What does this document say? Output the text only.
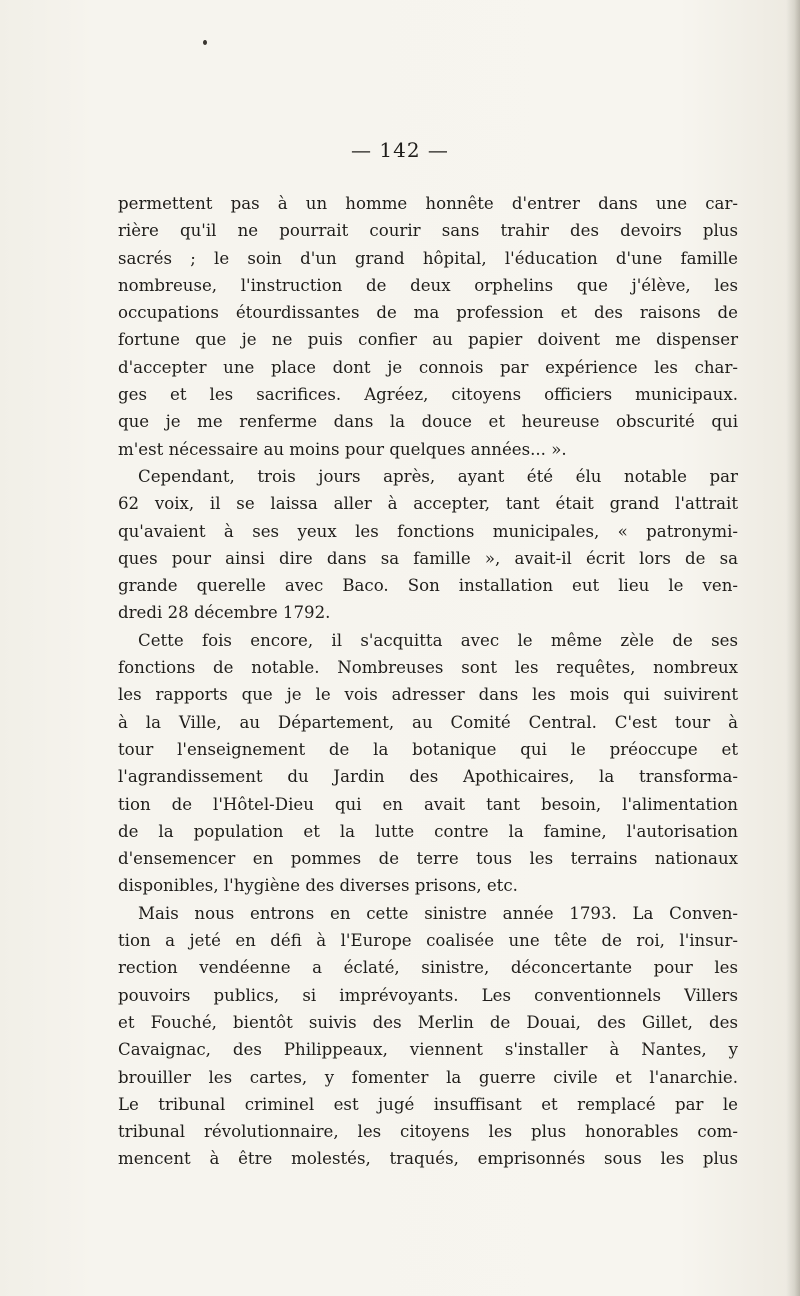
— 142 —
permettent pas à un homme honnête d'entrer dans une car-
rière qu'il ne pourrait courir sans trahir des devoirs plus
sacrés ; le soin d'un grand hôpital, l'éducation d'une famille
nombreuse, l'instruction de deux orphelins que j'élève, les
occupations étourdissantes de ma profession et des raisons de
fortune que je ne puis confier au papier doivent me dispenser
d'accepter une place dont je connois par expérience les char-
ges et les sacrifices. Agréez, citoyens officiers municipaux.
que je me renferme dans la douce et heureuse obscurité qui
m'est nécessaire au moins pour quelques années... ».
Cependant, trois jours après, ayant été élu notable par
62 voix, il se laissa aller à accepter, tant était grand l'attrait
qu'avaient à ses yeux les fonctions municipales, « patronymi-
ques pour ainsi dire dans sa famille », avait-il écrit lors de sa
grande querelle avec Baco. Son installation eut lieu le ven-
dredi 28 décembre 1792.
Cette fois encore, il s'acquitta avec le même zèle de ses
fonctions de notable. Nombreuses sont les requêtes, nombreux
les rapports que je le vois adresser dans les mois qui suivirent
à la Ville, au Département, au Comité Central. C'est tour à
tour l'enseignement de la botanique qui le préoccupe et
l'agrandissement du Jardin des Apothicaires, la transforma-
tion de l'Hôtel-Dieu qui en avait tant besoin, l'alimentation
de la population et la lutte contre la famine, l'autorisation
d'ensemencer en pommes de terre tous les terrains nationaux
disponibles, l'hygiène des diverses prisons, etc.
Mais nous entrons en cette sinistre année 1793. La Conven-
tion a jeté en défi à l'Europe coalisée une tête de roi, l'insur-
rection vendéenne a éclaté, sinistre, déconcertante pour les
pouvoirs publics, si imprévoyants. Les conventionnels Villers
et Fouché, bientôt suivis des Merlin de Douai, des Gillet, des
Cavaignac, des Philippeaux, viennent s'installer à Nantes, y
brouiller les cartes, y fomenter la guerre civile et l'anarchie.
Le tribunal criminel est jugé insuffisant et remplacé par le
tribunal révolutionnaire, les citoyens les plus honorables com-
mencent à être molestés, traqués, emprisonnés sous les plus
